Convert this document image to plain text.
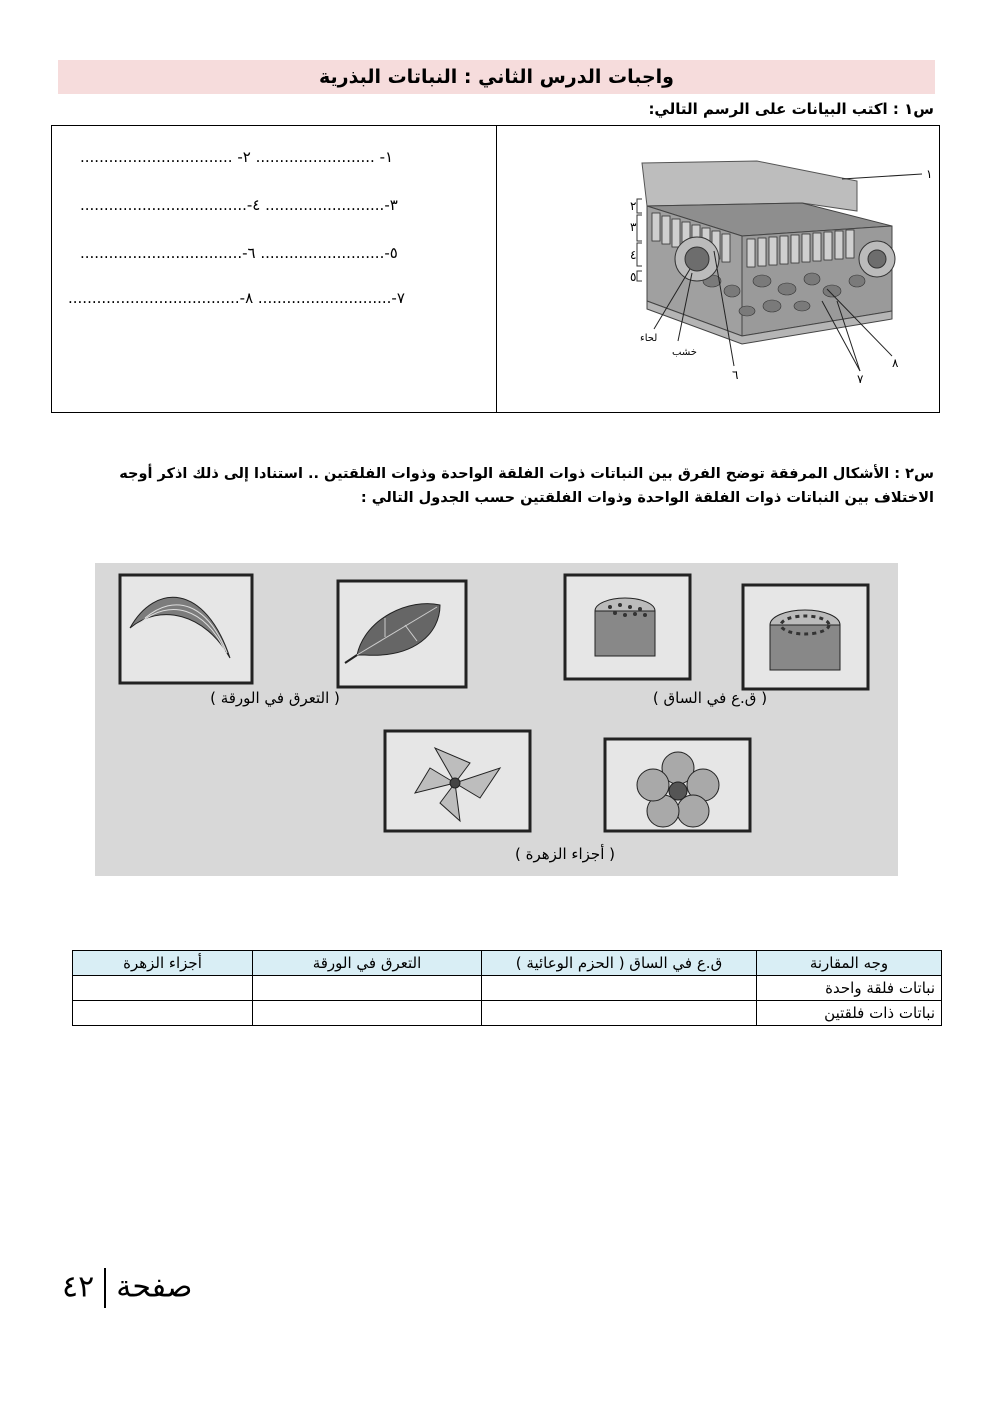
واجبات الدرس الثاني : النباتات البذرية
س١ : اكتب البيانات على الرسم التالي:
١- ......................... ٢- ................................
٣-......................... ٤-...................................
٥-.......................... ٦-..................................
٧-............................ ٨-....................................
١
٢
٣
٤
٥
٦	٧
٨
لحاء
خشب
س٢ : الأشكال المرفقة توضح الفرق بين النباتات ذوات الفلقة الواحدة وذوات الفلقتين .. استنادا إلى ذلك اذكر أوجه
الاختلاف بين النباتات ذوات الفلقة الواحدة وذوات الفلقتين حسب الجدول التالي :
( التعرق في الورقة )	( ق.ع في الساق )
( أجزاء الزهرة )
وجه المقارنة	ق.ع في الساق ( الحزم الوعائية )	التعرق في الورقة	أجزاء الزهرة
نباتات فلقة واحدة			
نباتات ذات فلقتين			
صفحة٤٢
